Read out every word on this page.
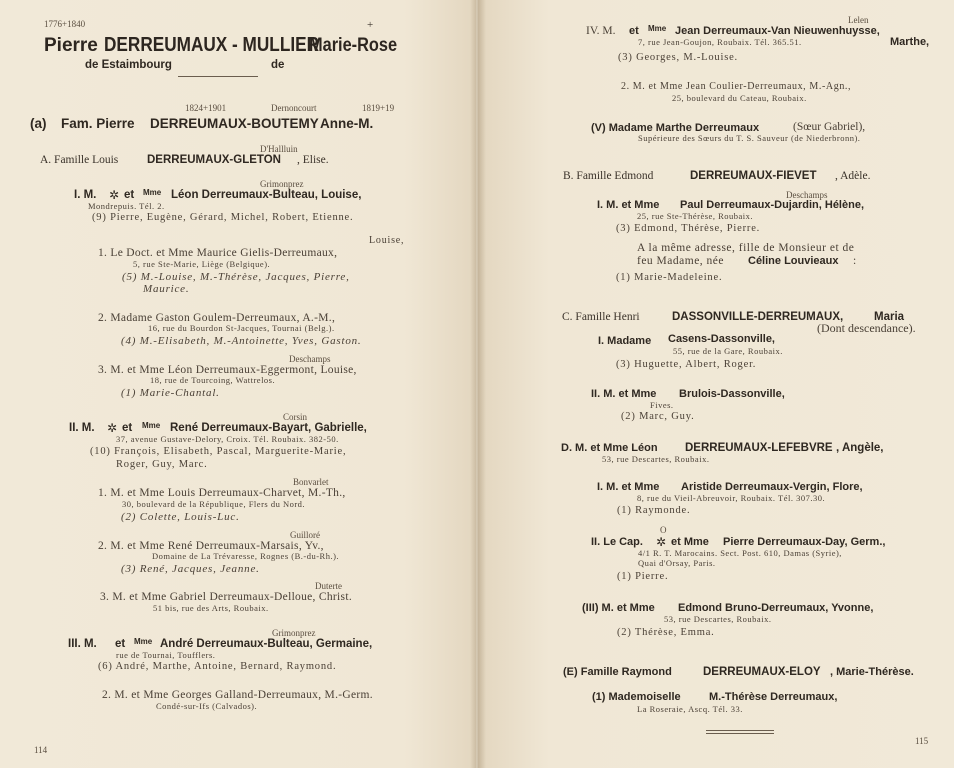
1776+1840	+
Pierre DERREUMAUX - MULLIER
Marie-Rose
de Estaimbourg	de
1824+1901	Dernoncourt	1819+19
(a) Fam. Pierre DERREUMAUX-BOUTEMY Anne-M.
D'Hallluin
A. Famille Louis DERREUMAUX-GLETON , Elise.
Grimonprez
I. M. ✲ et Mme Léon Derreumaux-Bulteau, Louise,
Mondrepuis. Tél. 2.
(9) Pierre, Eugène, Gérard, Michel, Robert, Etienne.
Louise,
1. Le Doct. et Mme Maurice Gielis-Derreumaux,
5, rue Ste-Marie, Liège (Belgique).
(5) M.-Louise, M.-Thérèse, Jacques, Pierre,
Maurice.
2. Madame Gaston Goulem-Derreumaux, A.-M.,
16, rue du Bourdon St-Jacques, Tournai (Belg.).
(4) M.-Elisabeth, M.-Antoinette, Yves, Gaston.
Deschamps
3. M. et Mme Léon Derreumaux-Eggermont, Louise,
18, rue de Tourcoing, Wattrelos.
(1) Marie-Chantal.
Corsin
II. M. ✲ et Mme René Derreumaux-Bayart, Gabrielle,
37, avenue Gustave-Delory, Croix. Tél. Roubaix. 382-50.
(10) François, Elisabeth, Pascal, Marguerite-Marie,
Roger, Guy, Marc.
Bonvarlet
1. M. et Mme Louis Derreumaux-Charvet, M.-Th.,
30, boulevard de la République, Flers du Nord.
(2) Colette, Louis-Luc.
Guilloré
2. M. et Mme René Derreumaux-Marsais, Yv.,
Domaine de La Trévaresse, Rognes (B.-du-Rh.).
(3) René, Jacques, Jeanne.
Duterte
3. M. et Mme Gabriel Derreumaux-Delloue, Christ.
51 bis, rue des Arts, Roubaix.
Grimonprez
III. M. et Mme André Derreumaux-Bulteau, Germaine,
rue de Tournai, Toufflers.
(6) André, Marthe, Antoine, Bernard, Raymond.
2. M. et Mme Georges Galland-Derreumaux, M.-Germ.
Condé-sur-Ifs (Calvados).
114
Lelen
IV. M. et Mme Jean Derreumaux-Van Nieuwenhuysse,
7, rue Jean-Goujon, Roubaix. Tél. 365.51.	Marthe,
(3) Georges, M.-Louise.
2. M. et Mme Jean Coulier-Derreumaux, M.-Agn.,
25, boulevard du Cateau, Roubaix.
(V) Madame Marthe Derreumaux	(Sœur Gabriel),
Supérieure des Sœurs du T. S. Sauveur (de Niederbronn).
B. Famille Edmond	DERREUMAUX-FIEVET , Adèle.
Deschamps
I. M. et Mme Paul Derreumaux-Dujardin, Hélène,
25, rue Ste-Thérèse, Roubaix.
(3) Edmond, Thérèse, Pierre.
A la même adresse, fille de Monsieur et de
feu Madame, née Céline Louvieaux :
(1) Marie-Madeleine.
C. Famille Henri	DASSONVILLE-DERREUMAUX,	Maria
(Dont descendance).
I. Madame Casens-Dassonville,
55, rue de la Gare, Roubaix.
(3) Huguette, Albert, Roger.
II. M. et Mme Brulois-Dassonville,
Fives.
(2) Marc, Guy.
D. M. et Mme Léon DERREUMAUX-LEFEBVRE , Angèle,
53, rue Descartes, Roubaix.
I. M. et Mme Aristide Derreumaux-Vergin, Flore,
8, rue du Vieil-Abreuvoir, Roubaix. Tél. 307.30.
(1) Raymonde.
O
II. Le Cap. ✲ et Mme Pierre Derreumaux-Day, Germ.,
4/1 R. T. Marocains. Sect. Post. 610, Damas (Syrie),
Quai d'Orsay, Paris.
(1) Pierre.
(III) M. et Mme Edmond Bruno-Derreumaux, Yvonne,
53, rue Descartes, Roubaix.
(2) Thérèse, Emma.
(E) Famille Raymond	DERREUMAUX-ELOY , Marie-Thérèse.
(1) Mademoiselle	M.-Thérèse Derreumaux,
La Roseraie, Ascq. Tél. 33.
115
